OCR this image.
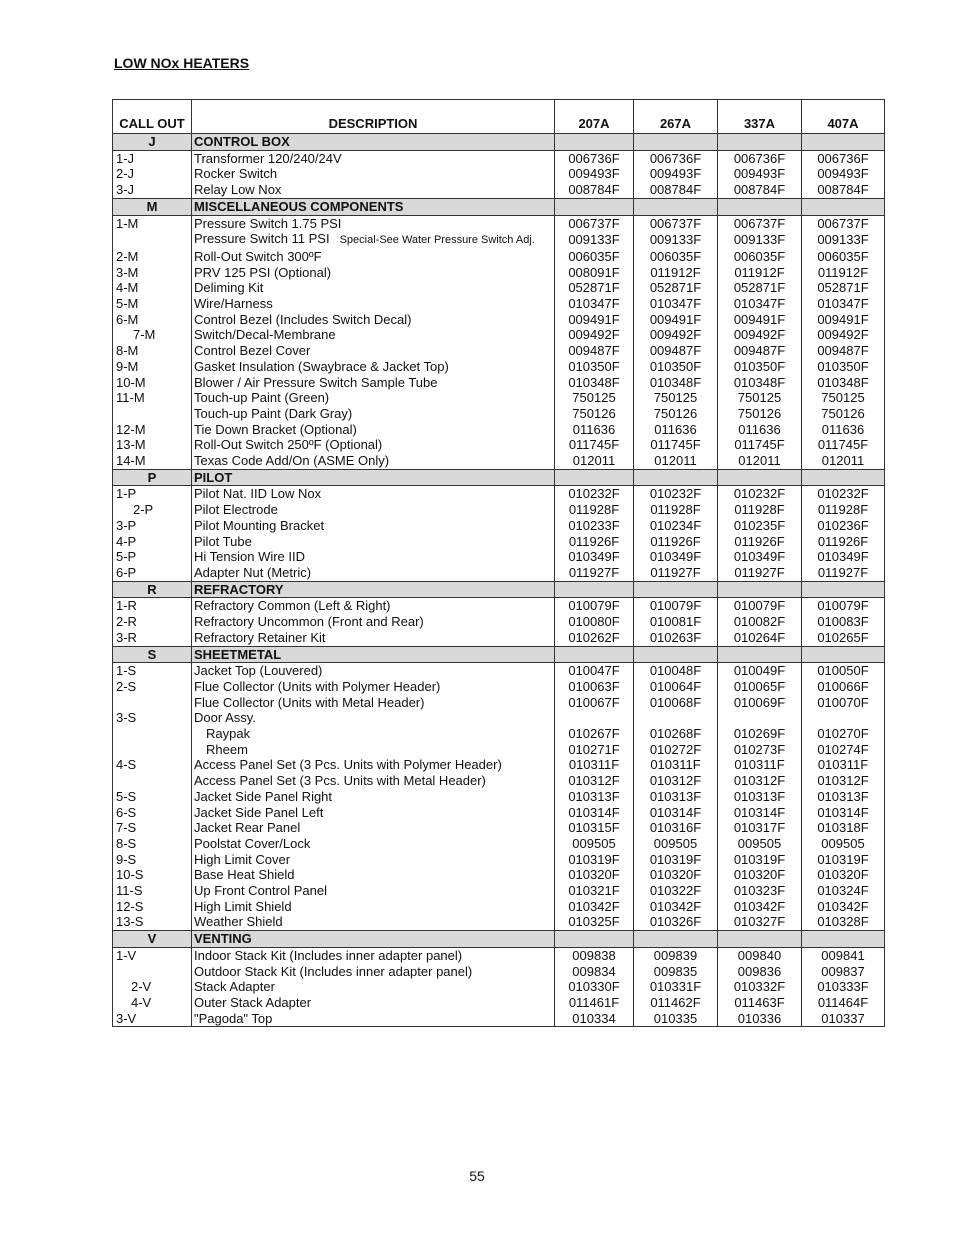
LOW NOx HEATERS
CALL OUT	DESCRIPTION	207A	267A	337A	407A
J	CONTROL BOX				
1-J	Transformer 120/240/24V	006736F	006736F	006736F	006736F
2-J	Rocker Switch	009493F	009493F	009493F	009493F
3-J	Relay Low Nox	008784F	008784F	008784F	008784F
M	MISCELLANEOUS COMPONENTS				
1-M	Pressure Switch 1.75 PSI	006737F	006737F	006737F	006737F
	Pressure Switch 11 PSI Special-See Water Pressure Switch Adj.	009133F	009133F	009133F	009133F
2-M	Roll-Out Switch 300ºF	006035F	006035F	006035F	006035F
3-M	PRV 125 PSI (Optional)	008091F	011912F	011912F	011912F
4-M	Deliming Kit	052871F	052871F	052871F	052871F
5-M	Wire/Harness	010347F	010347F	010347F	010347F
6-M	Control Bezel (Includes Switch Decal)	009491F	009491F	009491F	009491F
7-M	Switch/Decal-Membrane	009492F	009492F	009492F	009492F
8-M	Control Bezel Cover	009487F	009487F	009487F	009487F
9-M	Gasket Insulation (Swaybrace & Jacket Top)	010350F	010350F	010350F	010350F
10-M	Blower / Air Pressure Switch Sample Tube	010348F	010348F	010348F	010348F
11-M	Touch-up Paint (Green)	750125	750125	750125	750125
	Touch-up Paint (Dark Gray)	750126	750126	750126	750126
12-M	Tie Down Bracket (Optional)	011636	011636	011636	011636
13-M	Roll-Out Switch 250ºF (Optional)	011745F	011745F	011745F	011745F
14-M	Texas Code Add/On (ASME Only)	012011	012011	012011	012011
P	PILOT				
1-P	Pilot Nat. IID Low Nox	010232F	010232F	010232F	010232F
2-P	Pilot Electrode	011928F	011928F	011928F	011928F
3-P	Pilot Mounting Bracket	010233F	010234F	010235F	010236F
4-P	Pilot Tube	011926F	011926F	011926F	011926F
5-P	Hi Tension Wire IID	010349F	010349F	010349F	010349F
6-P	Adapter Nut (Metric)	011927F	011927F	011927F	011927F
R	REFRACTORY				
1-R	Refractory Common (Left & Right)	010079F	010079F	010079F	010079F
2-R	Refractory Uncommon (Front and Rear)	010080F	010081F	010082F	010083F
3-R	Refractory Retainer Kit	010262F	010263F	010264F	010265F
S	SHEETMETAL				
1-S	Jacket Top (Louvered)	010047F	010048F	010049F	010050F
2-S	Flue Collector (Units with Polymer Header)	010063F	010064F	010065F	010066F
	Flue Collector (Units with Metal Header)	010067F	010068F	010069F	010070F
3-S	Door Assy.				
	Raypak	010267F	010268F	010269F	010270F
	Rheem	010271F	010272F	010273F	010274F
4-S	Access Panel Set (3 Pcs. Units with Polymer Header)	010311F	010311F	010311F	010311F
	Access Panel Set (3 Pcs. Units with Metal Header)	010312F	010312F	010312F	010312F
5-S	Jacket Side Panel Right	010313F	010313F	010313F	010313F
6-S	Jacket Side Panel Left	010314F	010314F	010314F	010314F
7-S	Jacket Rear Panel	010315F	010316F	010317F	010318F
8-S	Poolstat Cover/Lock	009505	009505	009505	009505
9-S	High Limit Cover	010319F	010319F	010319F	010319F
10-S	Base Heat Shield	010320F	010320F	010320F	010320F
11-S	Up Front Control Panel	010321F	010322F	010323F	010324F
12-S	High Limit Shield	010342F	010342F	010342F	010342F
13-S	Weather Shield	010325F	010326F	010327F	010328F
V	VENTING				
1-V	Indoor Stack Kit (Includes inner adapter panel)	009838	009839	009840	009841
	Outdoor Stack Kit (Includes inner adapter panel)	009834	009835	009836	009837
2-V	Stack Adapter	010330F	010331F	010332F	010333F
4-V	Outer Stack Adapter	011461F	011462F	011463F	011464F
3-V	"Pagoda" Top	010334	010335	010336	010337
55
